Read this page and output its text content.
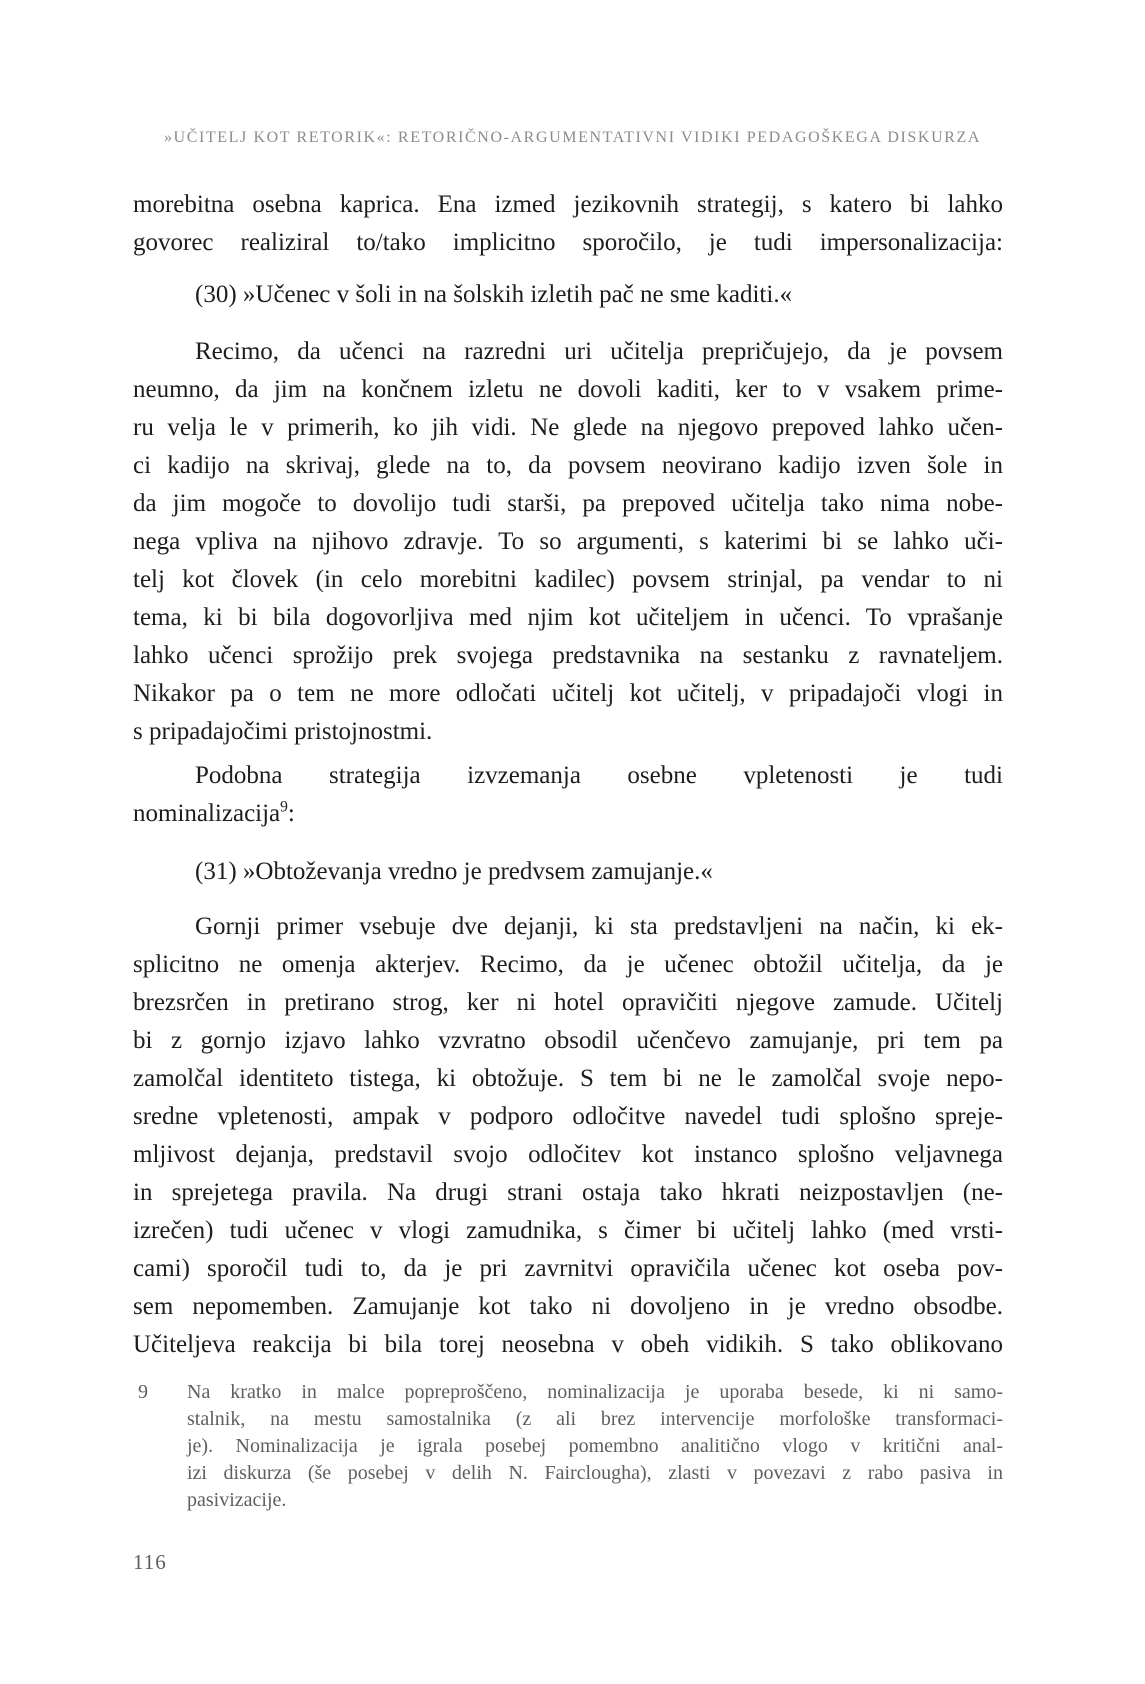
»UČITELJ KOT RETORIK«: RETORIČNO-ARGUMENTATIVNI VIDIKI PEDAGOŠKEGA DISKURZA
morebitna osebna kaprica. Ena izmed jezikovnih strategij, s katero bi lahko
govorec realiziral to/tako implicitno sporočilo, je tudi impersonalizacija:
(30) »Učenec v šoli in na šolskih izletih pač ne sme kaditi.«
Recimo, da učenci na razredni uri učitelja prepričujejo, da je povsem
neumno, da jim na končnem izletu ne dovoli kaditi, ker to v vsakem prime-
ru velja le v primerih, ko jih vidi. Ne glede na njegovo prepoved lahko učen-
ci kadijo na skrivaj, glede na to, da povsem neovirano kadijo izven šole in
da jim mogoče to dovolijo tudi starši, pa prepoved učitelja tako nima nobe-
nega vpliva na njihovo zdravje. To so argumenti, s katerimi bi se lahko uči-
telj kot človek (in celo morebitni kadilec) povsem strinjal, pa vendar to ni
tema, ki bi bila dogovorljiva med njim kot učiteljem in učenci. To vprašanje
lahko učenci sprožijo prek svojega predstavnika na sestanku z ravnateljem.
Nikakor pa o tem ne more odločati učitelj kot učitelj, v pripadajoči vlogi in
s pripadajočimi pristojnostmi.
Podobna strategija izvzemanja osebne vpletenosti je tudi
nominalizacija$^9$:
(31) »Obtoževanja vredno je predvsem zamujanje.«
Gornji primer vsebuje dve dejanji, ki sta predstavljeni na način, ki ek-
splicitno ne omenja akterjev. Recimo, da je učenec obtožil učitelja, da je
brezsrčen in pretirano strog, ker ni hotel opravičiti njegove zamude. Učitelj
bi z gornjo izjavo lahko vzvratno obsodil učenčevo zamujanje, pri tem pa
zamolčal identiteto tistega, ki obtožuje. S tem bi ne le zamolčal svoje nepo-
sredne vpletenosti, ampak v podporo odločitve navedel tudi splošno spreje-
mljivost dejanja, predstavil svojo odločitev kot instanco splošno veljavnega
in sprejetega pravila. Na drugi strani ostaja tako hkrati neizpostavljen (ne-
izrečen) tudi učenec v vlogi zamudnika, s čimer bi učitelj lahko (med vrsti-
cami) sporočil tudi to, da je pri zavrnitvi opravičila učenec kot oseba pov-
sem nepomemben. Zamujanje kot tako ni dovoljeno in je vredno obsodbe.
Učiteljeva reakcija bi bila torej neosebna v obeh vidikih. S tako oblikovano
9 Na kratko in malce popreproščeno, nominalizacija je uporaba besede, ki ni samo-
stalnik, na mestu samostalnika (z ali brez intervencije morfološke transformaci-
je). Nominalizacija je igrala posebej pomembno analitično vlogo v kritični anal-
izi diskurza (še posebej v delih N. Fairclougha), zlasti v povezavi z rabo pasiva in
pasivizacije.
116
